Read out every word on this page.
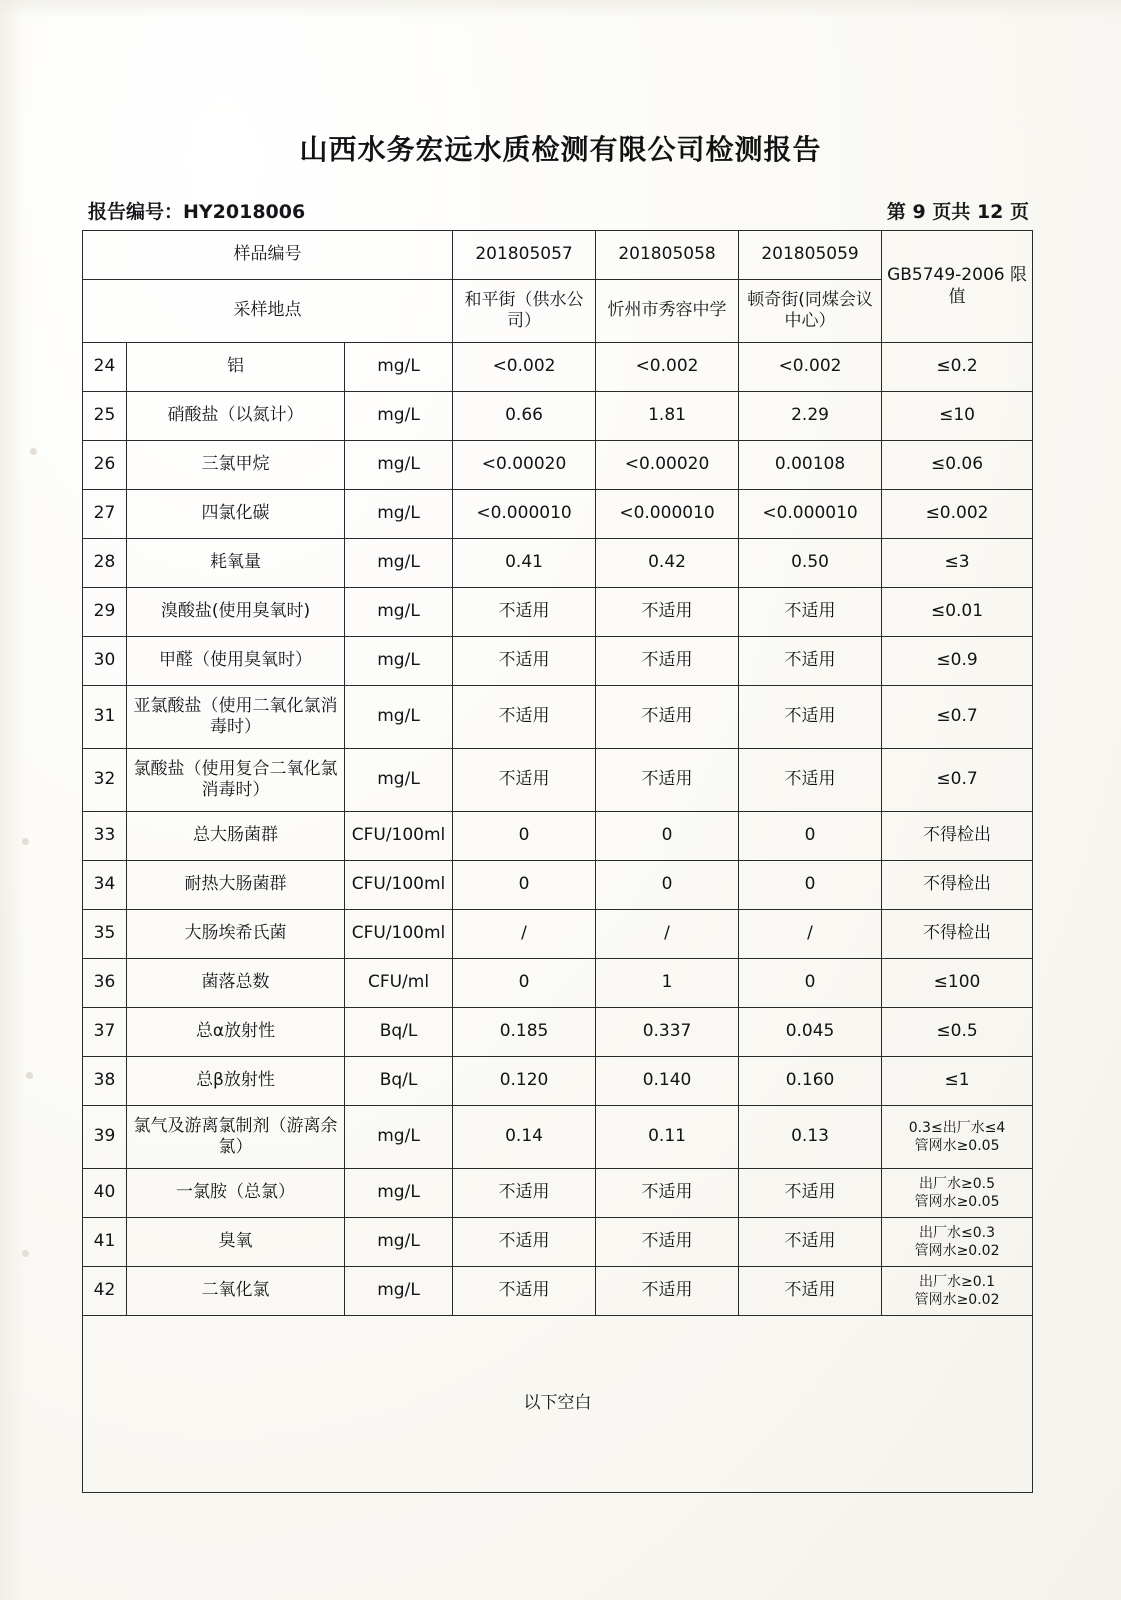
山西水务宏远水质检测有限公司检测报告
报告编号：HY2018006	第 9 页共 12 页
样品编号			201805057	201805058	201805059	GB5749-2006 限值
采样地点			和平街（供水公司）	忻州市秀容中学	顿奇街(同煤会议中心）	
24	铝	mg/L	<0.002	<0.002	<0.002	≤0.2
25	硝酸盐（以氮计）	mg/L	0.66	1.81	2.29	≤10
26	三氯甲烷	mg/L	<0.00020	<0.00020	0.00108	≤0.06
27	四氯化碳	mg/L	<0.000010	<0.000010	<0.000010	≤0.002
28	耗氧量	mg/L	0.41	0.42	0.50	≤3
29	溴酸盐(使用臭氧时)	mg/L	不适用	不适用	不适用	≤0.01
30	甲醛（使用臭氧时）	mg/L	不适用	不适用	不适用	≤0.9
31	亚氯酸盐（使用二氧化氯消毒时）	mg/L	不适用	不适用	不适用	≤0.7
32	氯酸盐（使用复合二氧化氯消毒时）	mg/L	不适用	不适用	不适用	≤0.7
33	总大肠菌群	CFU/100ml	0	0	0	不得检出
34	耐热大肠菌群	CFU/100ml	0	0	0	不得检出
35	大肠埃希氏菌	CFU/100ml	/	/	/	不得检出
36	菌落总数	CFU/ml	0	1	0	≤100
37	总α放射性	Bq/L	0.185	0.337	0.045	≤0.5
38	总β放射性	Bq/L	0.120	0.140	0.160	≤1
39	氯气及游离氯制剂（游离余氯）	mg/L	0.14	0.11	0.13	0.3≤出厂水≤4
管网水≥0.05
40	一氯胺（总氯）	mg/L	不适用	不适用	不适用	出厂水≥0.5
管网水≥0.05
41	臭氧	mg/L	不适用	不适用	不适用	出厂水≤0.3
管网水≥0.02
42	二氧化氯	mg/L	不适用	不适用	不适用	出厂水≥0.1
管网水≥0.02
以下空白						
